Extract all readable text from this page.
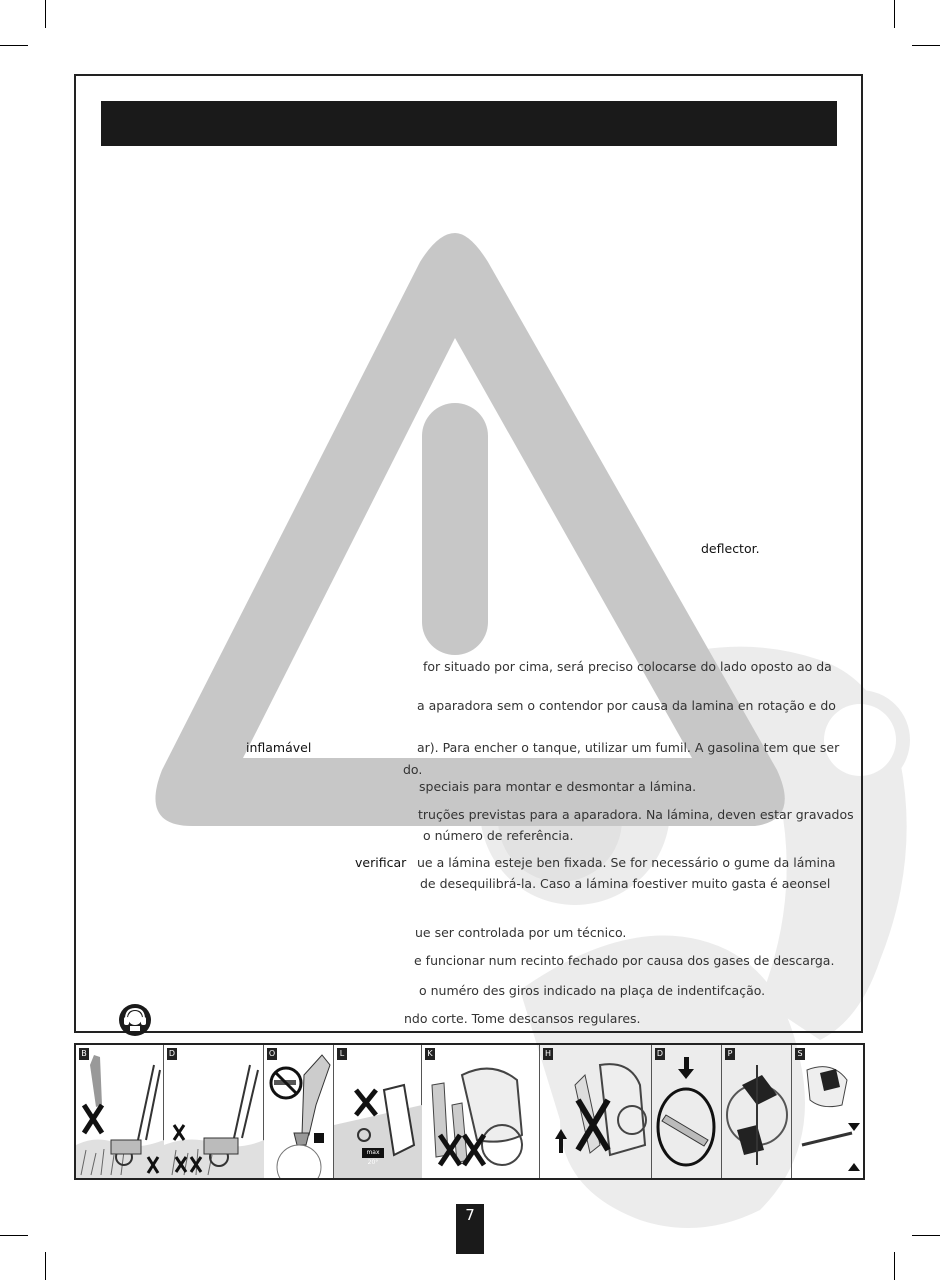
deflector.
inflamável
verificar
for situado por cima, será preciso colocarse do lado oposto ao da
a aparadora sem o contendor por causa da lamina en rotação e do
ar). Para encher o tanque, utilizar um fumil. A gasolina tem que ser
do.
speciais para montar e desmontar a lámina.
truções previstas para a aparadora. Na lámina, deven estar gravados
o número de referência.
ue a lámina esteje ben fixada. Se for necessário o gume da lámina
de desequilibrá-la. Caso a lámina foestiver muito gasta é aeonsel
ue ser controlada por um técnico.
e funcionar num recinto fechado por causa dos gases de descarga.
o numéro des giros indicado na plaça de indentifcação.
ndo corte. Tome descansos regulares.
B	D	O	L
max 20°
K	H	D	P	S
7
